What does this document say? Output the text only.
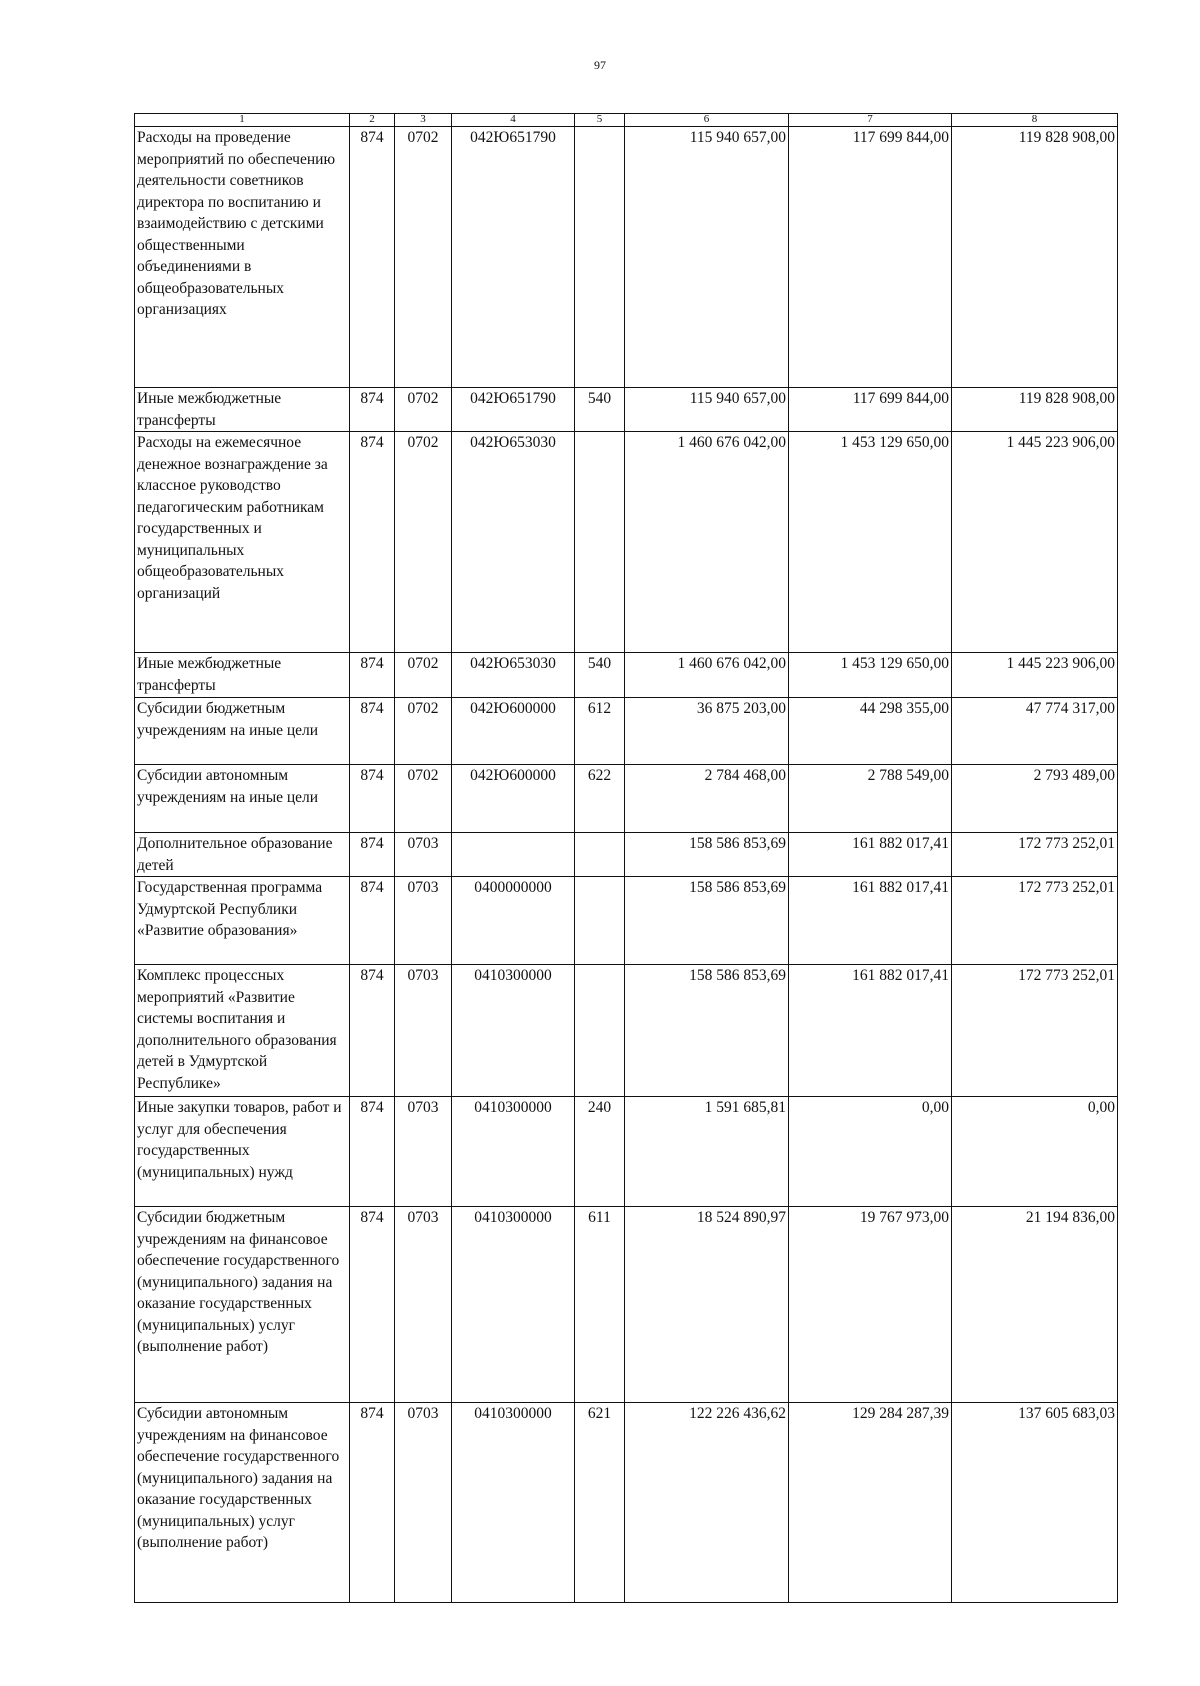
97
1	2	3	4	5	6	7	8
Расходы на проведение мероприятий по обеспечению деятельности советников директора по воспитанию и взаимодействию с детскими общественными объединениями в общеобразовательных организациях	874	0702	042Ю651790		115 940 657,00	117 699 844,00	119 828 908,00
Иные межбюджетные трансферты	874	0702	042Ю651790	540	115 940 657,00	117 699 844,00	119 828 908,00
Расходы на ежемесячное денежное вознаграждение за классное руководство педагогическим работникам государственных и муниципальных общеобразовательных организаций	874	0702	042Ю653030		1 460 676 042,00	1 453 129 650,00	1 445 223 906,00
Иные межбюджетные трансферты	874	0702	042Ю653030	540	1 460 676 042,00	1 453 129 650,00	1 445 223 906,00
Субсидии бюджетным учреждениям на иные цели	874	0702	042Ю600000	612	36 875 203,00	44 298 355,00	47 774 317,00
Субсидии автономным учреждениям на иные цели	874	0702	042Ю600000	622	2 784 468,00	2 788 549,00	2 793 489,00
Дополнительное образование детей	874	0703			158 586 853,69	161 882 017,41	172 773 252,01
Государственная программа Удмуртской Республики «Развитие образования»	874	0703	0400000000		158 586 853,69	161 882 017,41	172 773 252,01
Комплекс процессных мероприятий «Развитие системы воспитания и дополнительного образования детей в Удмуртской Республике»	874	0703	0410300000		158 586 853,69	161 882 017,41	172 773 252,01
Иные закупки товаров, работ и услуг для обеспечения государственных (муниципальных) нужд	874	0703	0410300000	240	1 591 685,81	0,00	0,00
Субсидии бюджетным учреждениям на финансовое обеспечение государственного (муниципального) задания на оказание государственных (муниципальных) услуг (выполнение работ)	874	0703	0410300000	611	18 524 890,97	19 767 973,00	21 194 836,00
Субсидии автономным учреждениям на финансовое обеспечение государственного (муниципального) задания на оказание государственных (муниципальных) услуг (выполнение работ)	874	0703	0410300000	621	122 226 436,62	129 284 287,39	137 605 683,03
